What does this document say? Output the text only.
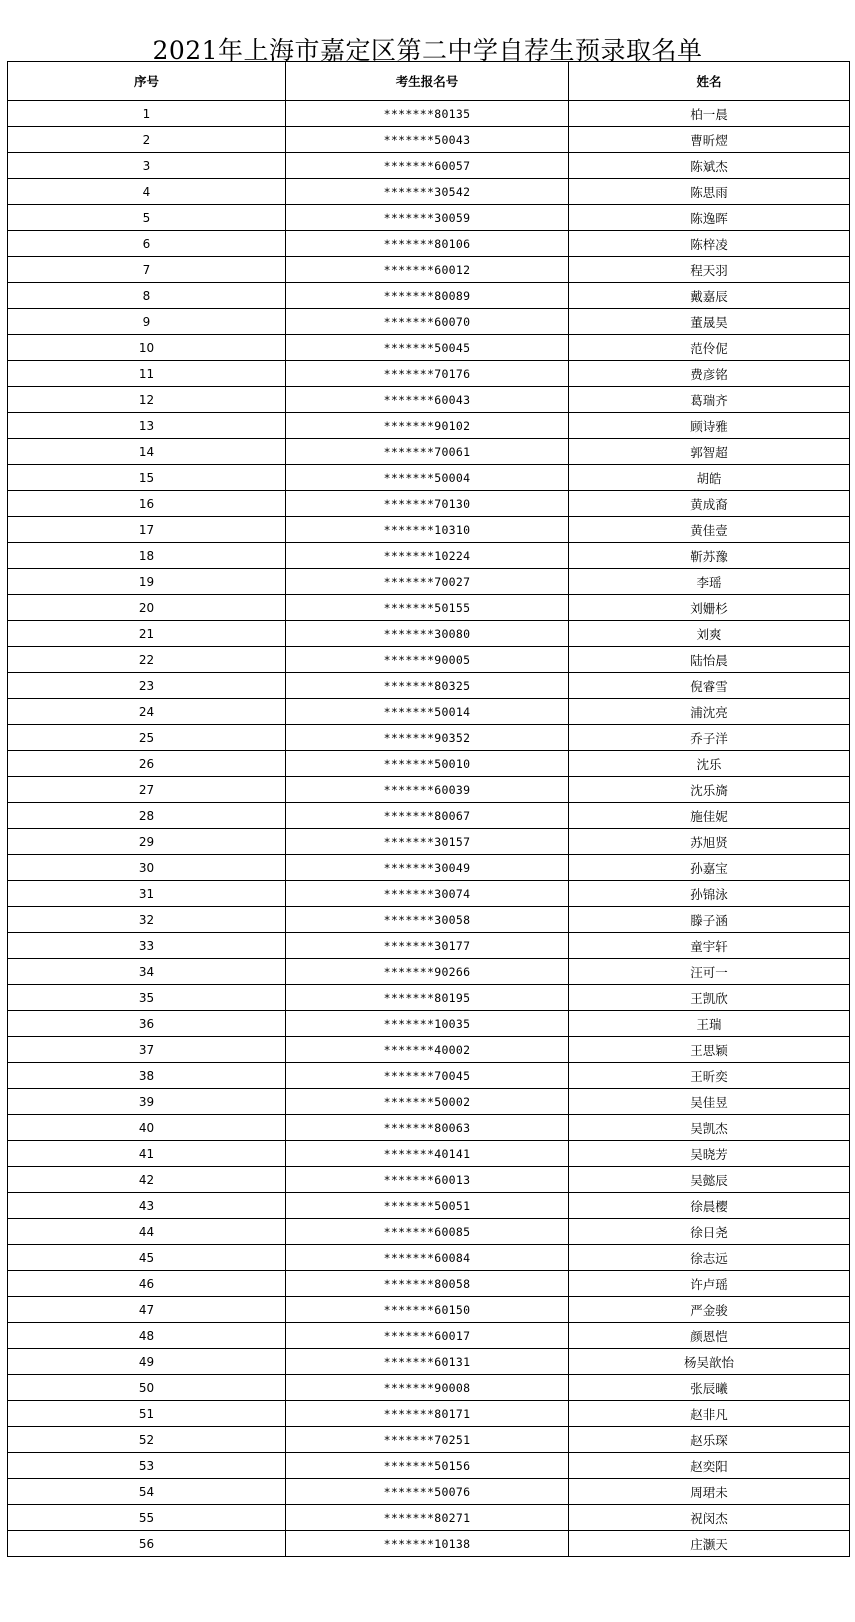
2021年上海市嘉定区第二中学自荐生预录取名单
序号	考生报名号	姓名
1	*******80135	柏一晨
2	*******50043	曹昕熤
3	*******60057	陈斌杰
4	*******30542	陈思雨
5	*******30059	陈逸晖
6	*******80106	陈梓凌
7	*******60012	程天羽
8	*******80089	戴嘉辰
9	*******60070	董晟昊
10	*******50045	范伶伲
11	*******70176	费彦铭
12	*******60043	葛瑞齐
13	*******90102	顾诗雅
14	*******70061	郭智超
15	*******50004	胡皓
16	*******70130	黄成裔
17	*******10310	黄佳壹
18	*******10224	靳苏豫
19	*******70027	李瑶
20	*******50155	刘姗杉
21	*******30080	刘爽
22	*******90005	陆怡晨
23	*******80325	倪睿雪
24	*******50014	浦沈亮
25	*******90352	乔子洋
26	*******50010	沈乐
27	*******60039	沈乐旖
28	*******80067	施佳妮
29	*******30157	苏旭贤
30	*******30049	孙嘉宝
31	*******30074	孙锦泳
32	*******30058	滕子涵
33	*******30177	童宇轩
34	*******90266	汪可一
35	*******80195	王凯欣
36	*******10035	王瑞
37	*******40002	王思颖
38	*******70045	王昕奕
39	*******50002	吴佳昱
40	*******80063	吴凯杰
41	*******40141	吴晓芳
42	*******60013	吴懿辰
43	*******50051	徐晨樱
44	*******60085	徐日尧
45	*******60084	徐志远
46	*******80058	许卢瑶
47	*******60150	严金骏
48	*******60017	颜恩恺
49	*******60131	杨吴歆怡
50	*******90008	张辰曦
51	*******80171	赵非凡
52	*******70251	赵乐琛
53	*******50156	赵奕阳
54	*******50076	周珺未
55	*******80271	祝闵杰
56	*******10138	庄灏天
